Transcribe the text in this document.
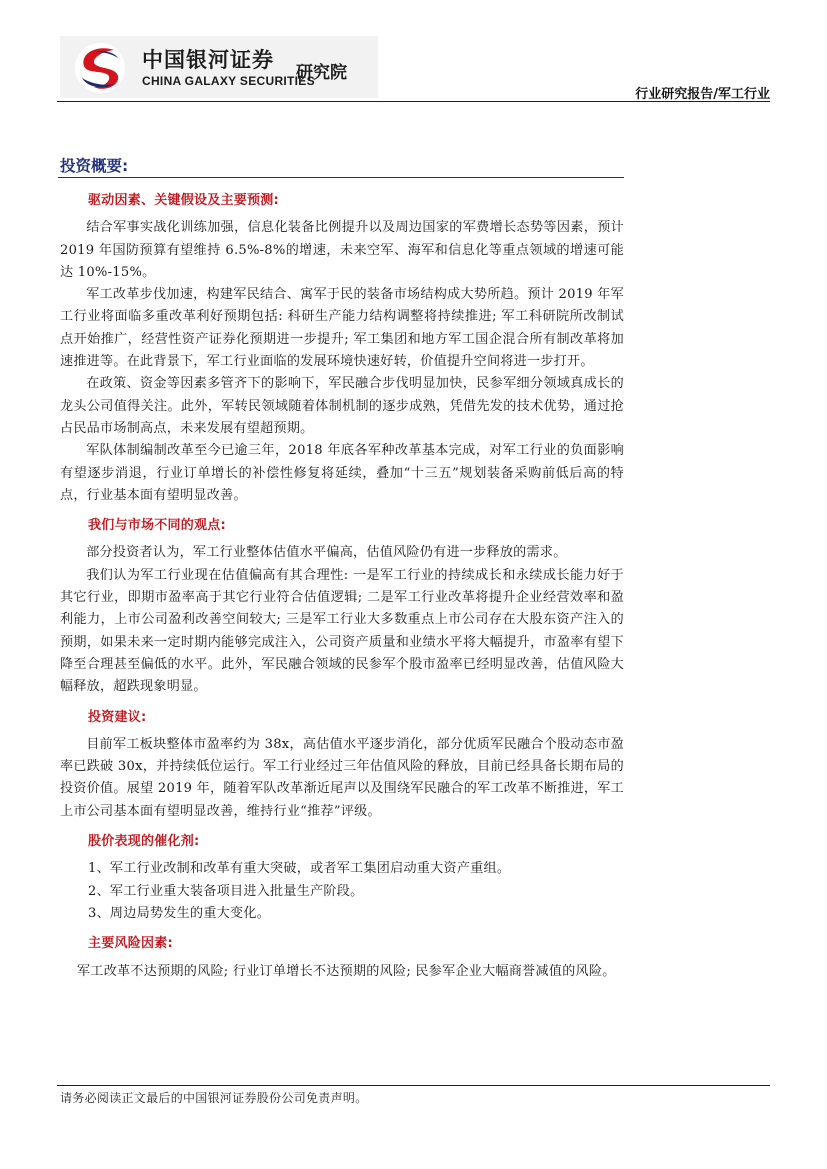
中国银河证券
CHINA GALAXY SECURITIES
研究院
行业研究报告/军工行业
投资概要:
驱动因素、关键假设及主要预测:

结合军事实战化训练加强，信息化装备比例提升以及周边国家的军费增长态势等因素，预计 2019 年国防预算有望维持 6.5%-8%的增速，未来空军、海军和信息化等重点领域的增速可能达 10%-15%。

军工改革步伐加速，构建军民结合、寓军于民的装备市场结构成大势所趋。预计 2019 年军工行业将面临多重改革利好预期包括: 科研生产能力结构调整将持续推进; 军工科研院所改制试点开始推广，经营性资产证券化预期进一步提升; 军工集团和地方军工国企混合所有制改革将加速推进等。在此背景下，军工行业面临的发展环境快速好转，价值提升空间将进一步打开。

在政策、资金等因素多管齐下的影响下，军民融合步伐明显加快，民参军细分领域真成长的龙头公司值得关注。此外，军转民领域随着体制机制的逐步成熟，凭借先发的技术优势，通过抢占民品市场制高点，未来发展有望超预期。

军队体制编制改革至今已逾三年，2018 年底各军种改革基本完成，对军工行业的负面影响有望逐步消退，行业订单增长的补偿性修复将延续，叠加“十三五”规划装备采购前低后高的特点，行业基本面有望明显改善。

我们与市场不同的观点:

部分投资者认为，军工行业整体估值水平偏高，估值风险仍有进一步释放的需求。

我们认为军工行业现在估值偏高有其合理性: 一是军工行业的持续成长和永续成长能力好于其它行业，即期市盈率高于其它行业符合估值逻辑; 二是军工行业改革将提升企业经营效率和盈利能力，上市公司盈利改善空间较大; 三是军工行业大多数重点上市公司存在大股东资产注入的预期，如果未来一定时期内能够完成注入，公司资产质量和业绩水平将大幅提升，市盈率有望下降至合理甚至偏低的水平。此外，军民融合领域的民参军个股市盈率已经明显改善，估值风险大幅释放，超跌现象明显。

投资建议:

目前军工板块整体市盈率约为 38x，高估值水平逐步消化，部分优质军民融合个股动态市盈率已跌破 30x，并持续低位运行。军工行业经过三年估值风险的释放，目前已经具备长期布局的投资价值。展望 2019 年，随着军队改革渐近尾声以及围绕军民融合的军工改革不断推进，军工上市公司基本面有望明显改善，维持行业“推荐”评级。

股价表现的催化剂:

1、军工行业改制和改革有重大突破，或者军工集团启动重大资产重组。

2、军工行业重大装备项目进入批量生产阶段。

3、周边局势发生的重大变化。

主要风险因素:

军工改革不达预期的风险; 行业订单增长不达预期的风险; 民参军企业大幅商誉减值的风险。

请务必阅读正文最后的中国银河证券股份公司免责声明。
